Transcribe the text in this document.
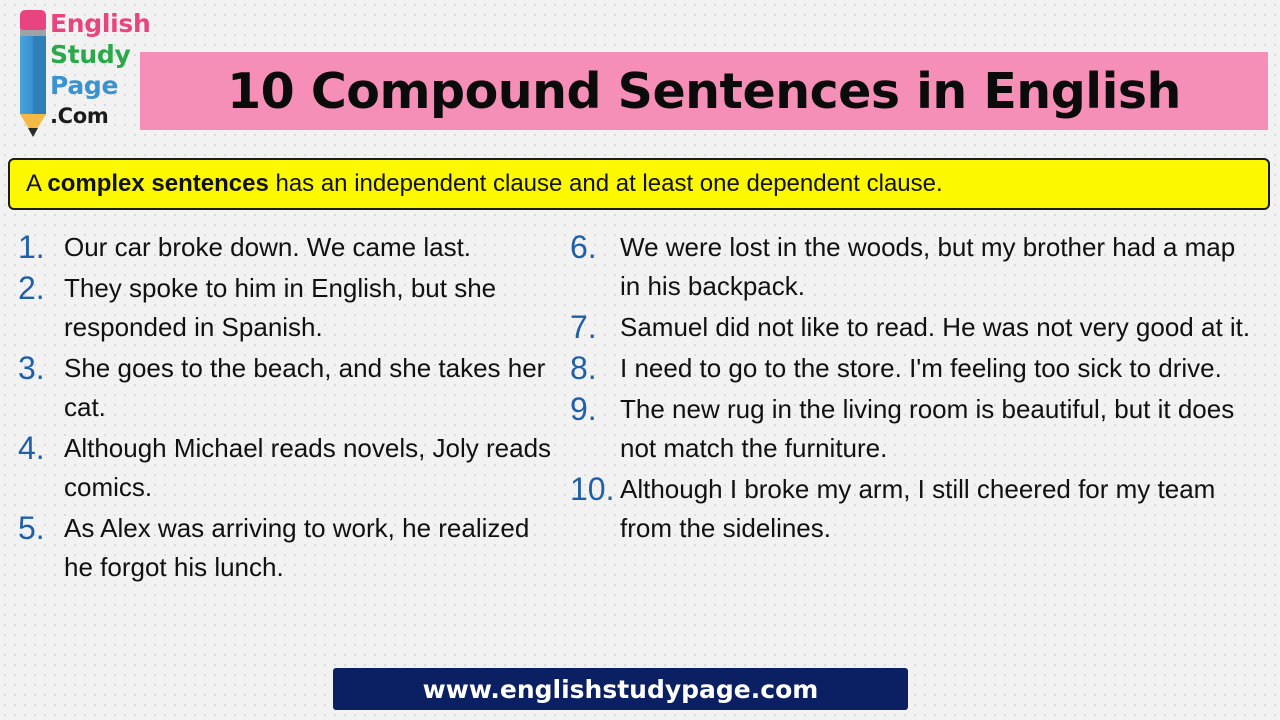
English
Study
Page
.Com	10 Compound Sentences in English
A complex sentences has an independent clause and at least one dependent clause.
1. Our car broke down. We came last.
2. They spoke to him in English, but she responded in Spanish.
3. She goes to the beach, and she takes her cat.
4. Although Michael reads novels, Joly reads comics.
5. As Alex was arriving to work, he realized he forgot his lunch.
6. We were lost in the woods, but my brother had a map in his backpack.
7. Samuel did not like to read. He was not very good at it.
8. I need to go to the store. I'm feeling too sick to drive.
9. The new rug in the living room is beautiful, but it does not match the furniture.
10. Although I broke my arm, I still cheered for my team from the sidelines.
www.englishstudypage.com
